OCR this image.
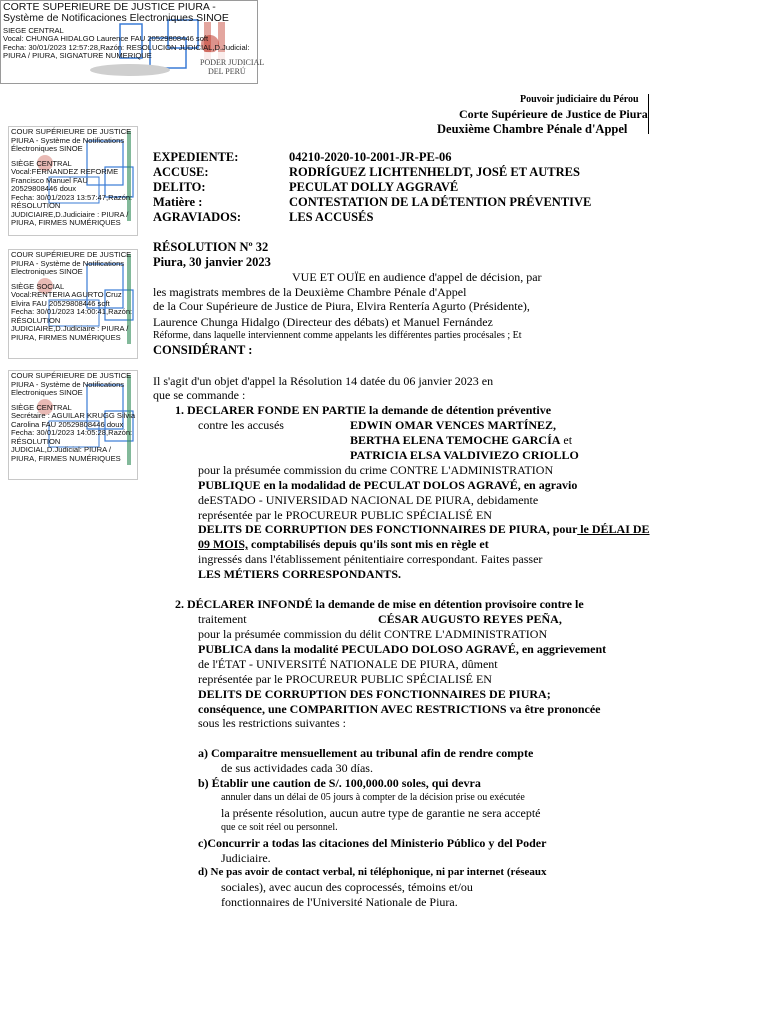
CORTE SUPERIEURE DE JUSTICE PIURA - Système de Notificaciones Electroniques SINOE
SIEGE CENTRAL
Vocal: CHUNGA HIDALGO Laurence FAU 20529808446 soft
Fecha: 30/01/2023 12:57:28,Razón: RESOLUCION JUDICIAL,D.Judicial:
PIURA / PIURA, SIGNATURE NUMERIQUE
PODER JUDICIAL
DEL PERÚ
Pouvoir judiciaire du Pérou
Corte Supérieure de Justice de Piura
Deuxième Chambre Pénale d'Appel
COUR SUPÉRIEURE DE JUSTICE
PIURA - Système de Notifications
Électroniques SINOE
SIÈGE CENTRAL
Vocal:FERNANDEZ REFORME
Francisco Manuel FAU
20529808446 doux
Fecha: 30/01/2023 13:57:47,Razón:
RÉSOLUTION
JUDICIAIRE,D.Judiciaire : PIURA /
PIURA, FIRMES NUMÉRIQUES
COUR SUPÉRIEURE DE JUSTICE
PIURA - Système de Notifications
Electroniques SINOE
SIÈGE SOCIAL
Vocal:RENTERIA AGURTO Cruz
Elvira FAU 20529808446 soft
Fecha: 30/01/2023 14:00:41,Razón:
RÉSOLUTION
JUDICIAIRE,D.Judiciaire : PIURA /
PIURA, FIRMES NUMÉRIQUES
COUR SUPÉRIEURE DE JUSTICE
PIURA - Système de Notifications
Electroniques SINOE
SIÈGE CENTRAL
Secrétaire : AGUILAR KRUGG Silvia
Carolina FAU 20529808446 doux
Fecha: 30/01/2023 14:05:28,Razón:
RÉSOLUTION
JUDICIAL,D.Judicial: PIURA /
PIURA, FIRMES NUMÉRIQUES
EXPEDIENTE:	04210-2020-10-2001-JR-PE-06
ACCUSE:	RODRÍGUEZ LICHTENHELDT, JOSÉ ET AUTRES
DELITO:	PECULAT DOLLY AGGRAVÉ
Matière :	CONTESTATION DE LA DÉTENTION PRÉVENTIVE
AGRAVIADOS:	LES ACCUSÉS
RÉSOLUTION Nº 32
Piura, 30 janvier 2023
VUE ET OUÏE en audience d'appel de décision, par
les magistrats membres de la Deuxième Chambre Pénale d'Appel
de la Cour Supérieure de Justice de Piura, Elvira Rentería Agurto (Présidente),
Laurence Chunga Hidalgo (Directeur des débats) et Manuel Fernández
Réforme, dans laquelle interviennent comme appelants les différentes parties procésales ; Et
CONSIDÉRANT :
Il s'agit d'un objet d'appel la Résolution 14 datée du 06 janvier 2023 en
que se commande :
1. DECLARER FONDE EN PARTIE la demande de détention préventive
contre les accusés	EDWIN OMAR VENCES MARTÍNEZ,
BERTHA ELENA TEMOCHE GARCÍA et
PATRICIA ELSA VALDIVIEZO CRIOLLO
pour la présumée commission du crime CONTRE L'ADMINISTRATION
PUBLIQUE en la modalidad de PECULAT DOLOS AGRAVÉ, en agravio
deESTADO - UNIVERSIDAD NACIONAL DE PIURA, debidamente
représentée par le PROCUREUR PUBLIC SPÉCIALISÉ EN
DELITS DE CORRUPTION DES FONCTIONNAIRES DE PIURA, pour le DÉLAI DE
09 MOIS, comptabilisés depuis qu'ils sont mis en règle et
ingressés dans l'établissement pénitentiaire correspondant. Faites passer
LES MÉTIERS CORRESPONDANTS.
2. DÉCLARER INFONDÉ la demande de mise en détention provisoire contre le
traitement	CÉSAR AUGUSTO REYES PEÑA,
pour la présumée commission du délit CONTRE L'ADMINISTRATION
PUBLICA dans la modalité PECULADO DOLOSO AGRAVÉ, en aggrievement
de l'ÉTAT - UNIVERSITÉ NATIONALE DE PIURA, dûment
représentée par le PROCUREUR PUBLIC SPÉCIALISÉ EN
DELITS DE CORRUPTION DES FONCTIONNAIRES DE PIURA;
conséquence, une COMPARITION AVEC RESTRICTIONS va être prononcée
sous les restrictions suivantes :
a) Comparaitre mensuellement au tribunal afin de rendre compte
de sus actividades cada 30 días.
b) Établir une caution de S/. 100,000.00 soles, qui devra
annuler dans un délai de 05 jours à compter de la décision prise ou exécutée
la présente résolution, aucun autre type de garantie ne sera accepté
que ce soit réel ou personnel.
c)Concurrir a todas las citaciones del Ministerio Público y del Poder
Judiciaire.
d) Ne pas avoir de contact verbal, ni téléphonique, ni par internet (réseaux
sociales), avec aucun des coprocessés, témoins et/ou
fonctionnaires de l'Université Nationale de Piura.
